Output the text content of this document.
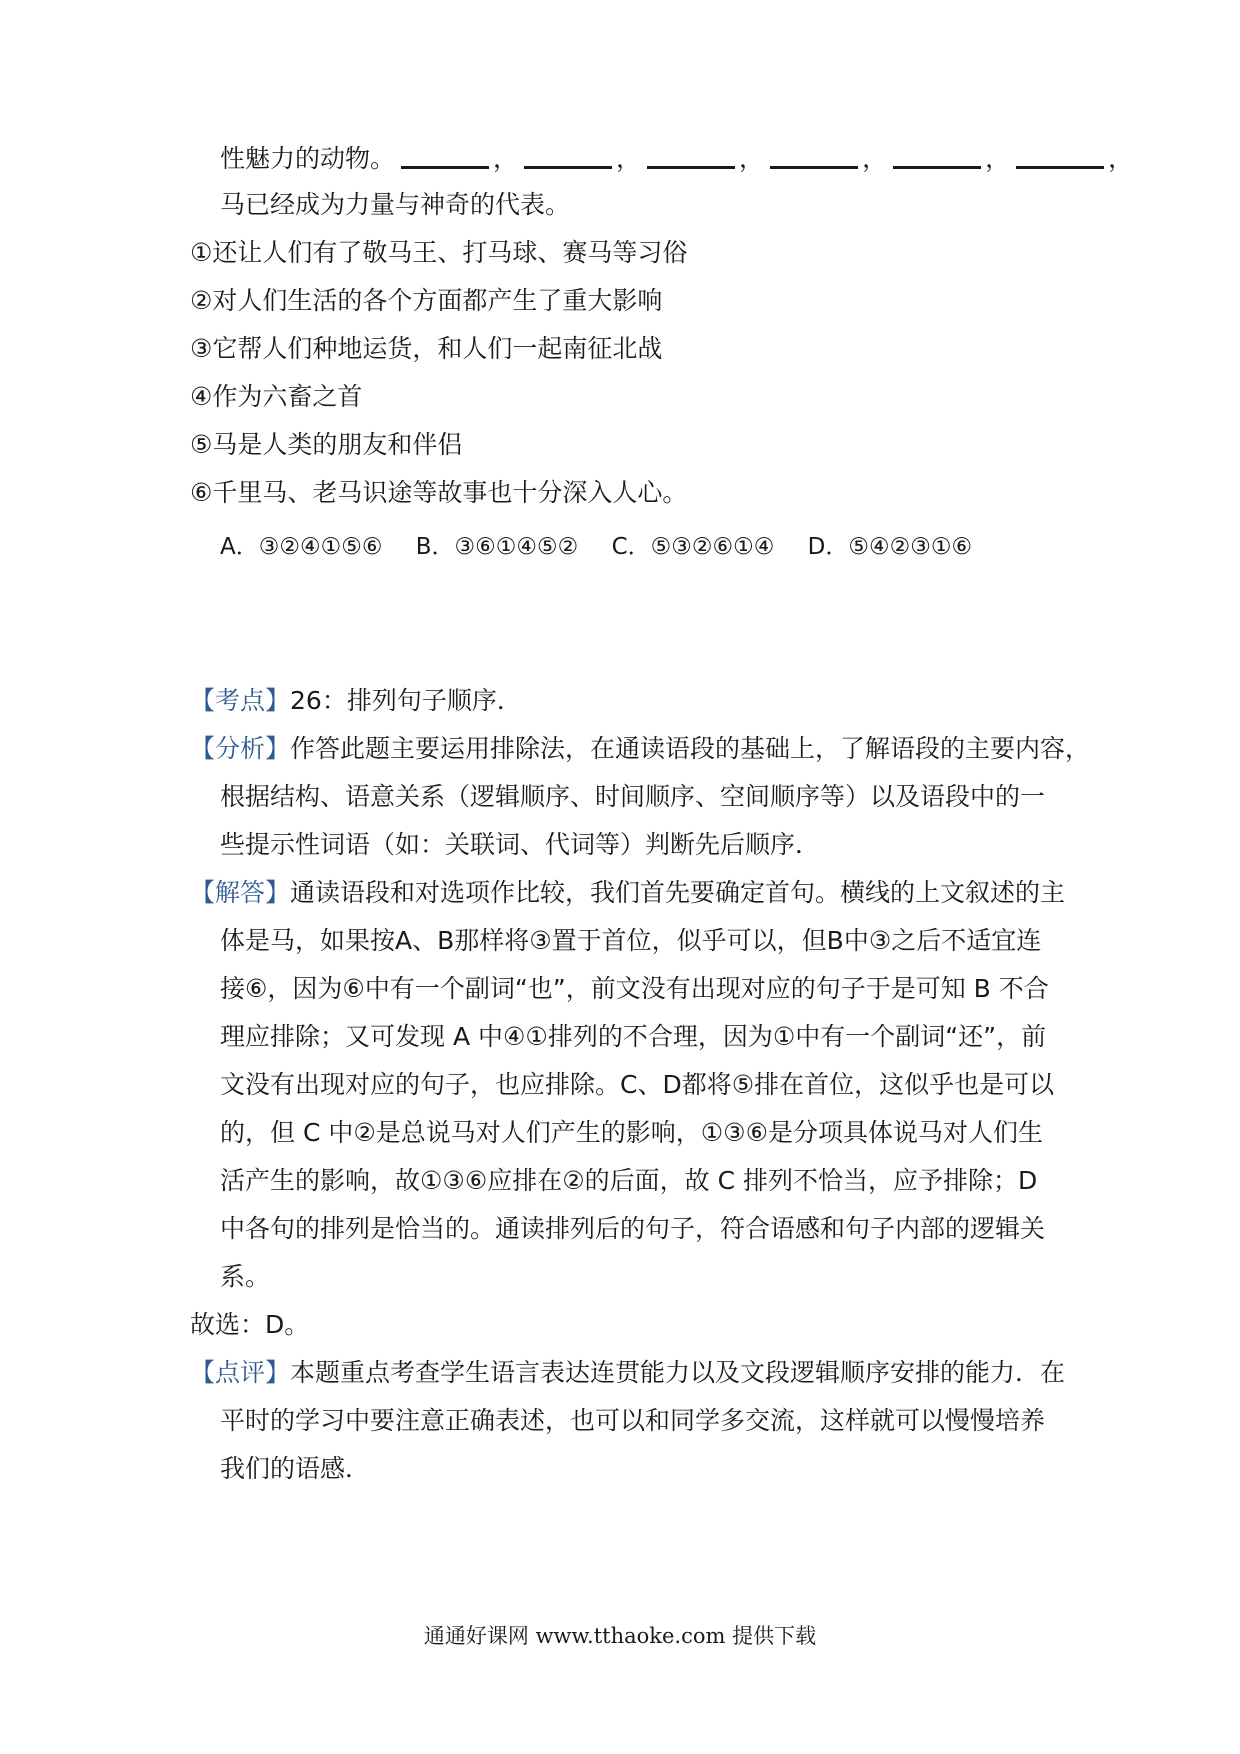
性魅力的动物。	，	，	，	，	，	，
马已经成为力量与神奇的代表。
①还让人们有了敬马王、打马球、赛马等习俗
②对人们生活的各个方面都产生了重大影响
③它帮人们种地运货，和人们一起南征北战
④作为六畜之首
⑤马是人类的朋友和伴侣
⑥千里马、老马识途等故事也十分深入人心。
A．③②④①⑤⑥ B．③⑥①④⑤② C．⑤③②⑥①④ D．⑤④②③①⑥
【考点】26：排列句子顺序．
【分析】作答此题主要运用排除法，在通读语段的基础上，了解语段的主要内容，
根据结构、语意关系（逻辑顺序、时间顺序、空间顺序等）以及语段中的一
些提示性词语（如：关联词、代词等）判断先后顺序．
【解答】通读语段和对选项作比较，我们首先要确定首句。横线的上文叙述的主
体是马，如果按A、B那样将③置于首位，似乎可以，但B中③之后不适宜连
接⑥，因为⑥中有一个副词“也”，前文没有出现对应的句子于是可知 B 不合
理应排除；又可发现 A 中④①排列的不合理，因为①中有一个副词“还”，前
文没有出现对应的句子，也应排除。C、D都将⑤排在首位，这似乎也是可以
的，但 C 中②是总说马对人们产生的影响，①③⑥是分项具体说马对人们生
活产生的影响，故①③⑥应排在②的后面，故 C 排列不恰当，应予排除；D
中各句的排列是恰当的。通读排列后的句子，符合语感和句子内部的逻辑关
系。
故选：D。
【点评】本题重点考查学生语言表达连贯能力以及文段逻辑顺序安排的能力．在
平时的学习中要注意正确表述，也可以和同学多交流，这样就可以慢慢培养
我们的语感．
通通好课网 www.tthaoke.com 提供下载
